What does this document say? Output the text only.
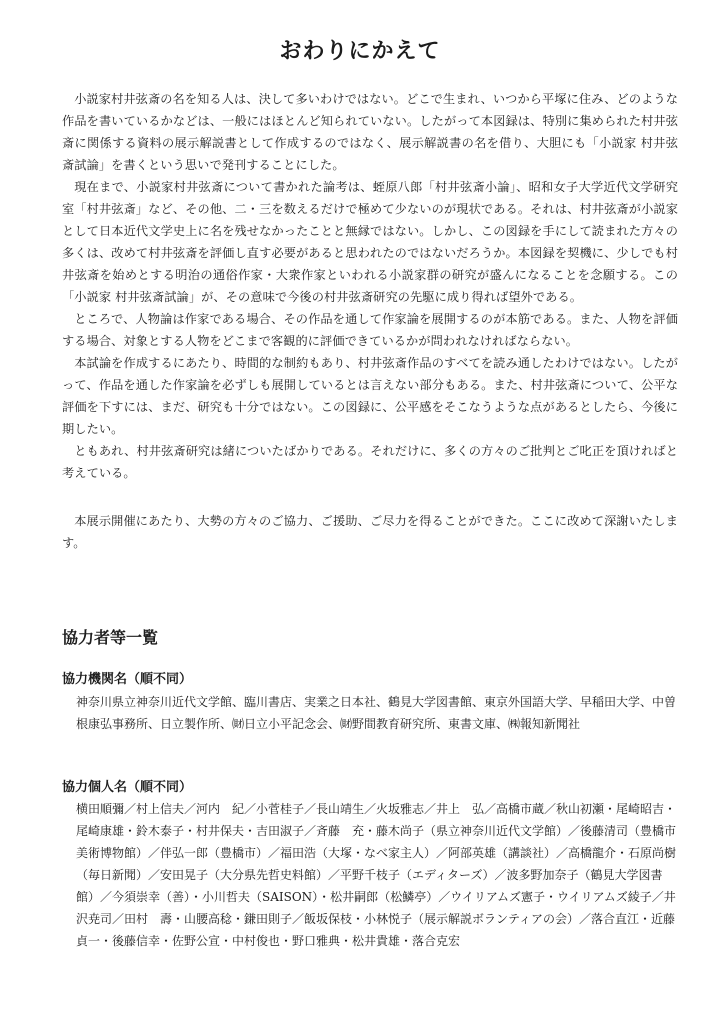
おわりにかえて

小説家村井弦斎の名を知る人は、決して多いわけではない。どこで生まれ、いつから平塚に住み、どのような作品を書いているかなどは、一般にはほとんど知られていない。したがって本図録は、特別に集められた村井弦斎に関係する資料の展示解説書として作成するのではなく、展示解説書の名を借り、大胆にも「小説家 村井弦斎試論」を書くという思いで発刊することにした。

現在まで、小説家村井弦斎について書かれた論考は、蛭原八郎「村井弦斎小論」、昭和女子大学近代文学研究室「村井弦斎」など、その他、二・三を数えるだけで極めて少ないのが現状である。それは、村井弦斎が小説家として日本近代文学史上に名を残せなかったことと無縁ではない。しかし、この図録を手にして読まれた方々の多くは、改めて村井弦斎を評価し直す必要があると思われたのではないだろうか。本図録を契機に、少しでも村井弦斎を始めとする明治の通俗作家・大衆作家といわれる小説家群の研究が盛んになることを念願する。この「小説家 村井弦斎試論」が、その意味で今後の村井弦斎研究の先駆に成り得れば望外である。

ところで、人物論は作家である場合、その作品を通して作家論を展開するのが本筋である。また、人物を評価する場合、対象とする人物をどこまで客観的に評価できているかが問われなければならない。

本試論を作成するにあたり、時間的な制約もあり、村井弦斎作品のすべてを読み通したわけではない。したがって、作品を通した作家論を必ずしも展開しているとは言えない部分もある。また、村井弦斎について、公平な評価を下すには、まだ、研究も十分ではない。この図録に、公平感をそこなうような点があるとしたら、今後に期したい。

ともあれ、村井弦斎研究は緒についたばかりである。それだけに、多くの方々のご批判とご叱正を頂ければと考えている。

本展示開催にあたり、大勢の方々のご協力、ご援助、ご尽力を得ることができた。ここに改めて深謝いたします。

協力者等一覧
協力機関名（順不同）

神奈川県立神奈川近代文学館、臨川書店、実業之日本社、鶴見大学図書館、東京外国語大学、早稲田大学、中曽根康弘事務所、日立製作所、㈶日立小平記念会、㈶野間教育研究所、東書文庫、㈱報知新聞社

協力個人名（順不同）

横田順彌／村上信夫／河内　紀／小菅桂子／長山靖生／火坂雅志／井上　弘／高橋市蔵／秋山初瀬・尾崎昭吉・尾崎康雄・鈴木泰子・村井保夫・吉田淑子／斉藤　充・藤木尚子（県立神奈川近代文学館）／後藤清司（豊橋市美術博物館）／伴弘一郎（豊橋市）／福田浩（大塚・なべ家主人）／阿部英雄（講談社）／高橋龍介・石原尚樹（毎日新聞）／安田晃子（大分県先哲史料館）／平野千枝子（エディターズ）／波多野加奈子（鶴見大学図書館）／今須崇幸（善）・小川哲夫（SAISON）・松井嗣郎（松鱗亭）／ウイリアムズ憲子・ウイリアムズ綾子／井沢尭司／田村　壽・山腰高稔・鎌田則子／飯坂保枝・小林悦子（展示解説ボランティアの会）／落合直江・近藤貞一・後藤信幸・佐野公宣・中村俊也・野口雅典・松井貴雄・落合克宏
